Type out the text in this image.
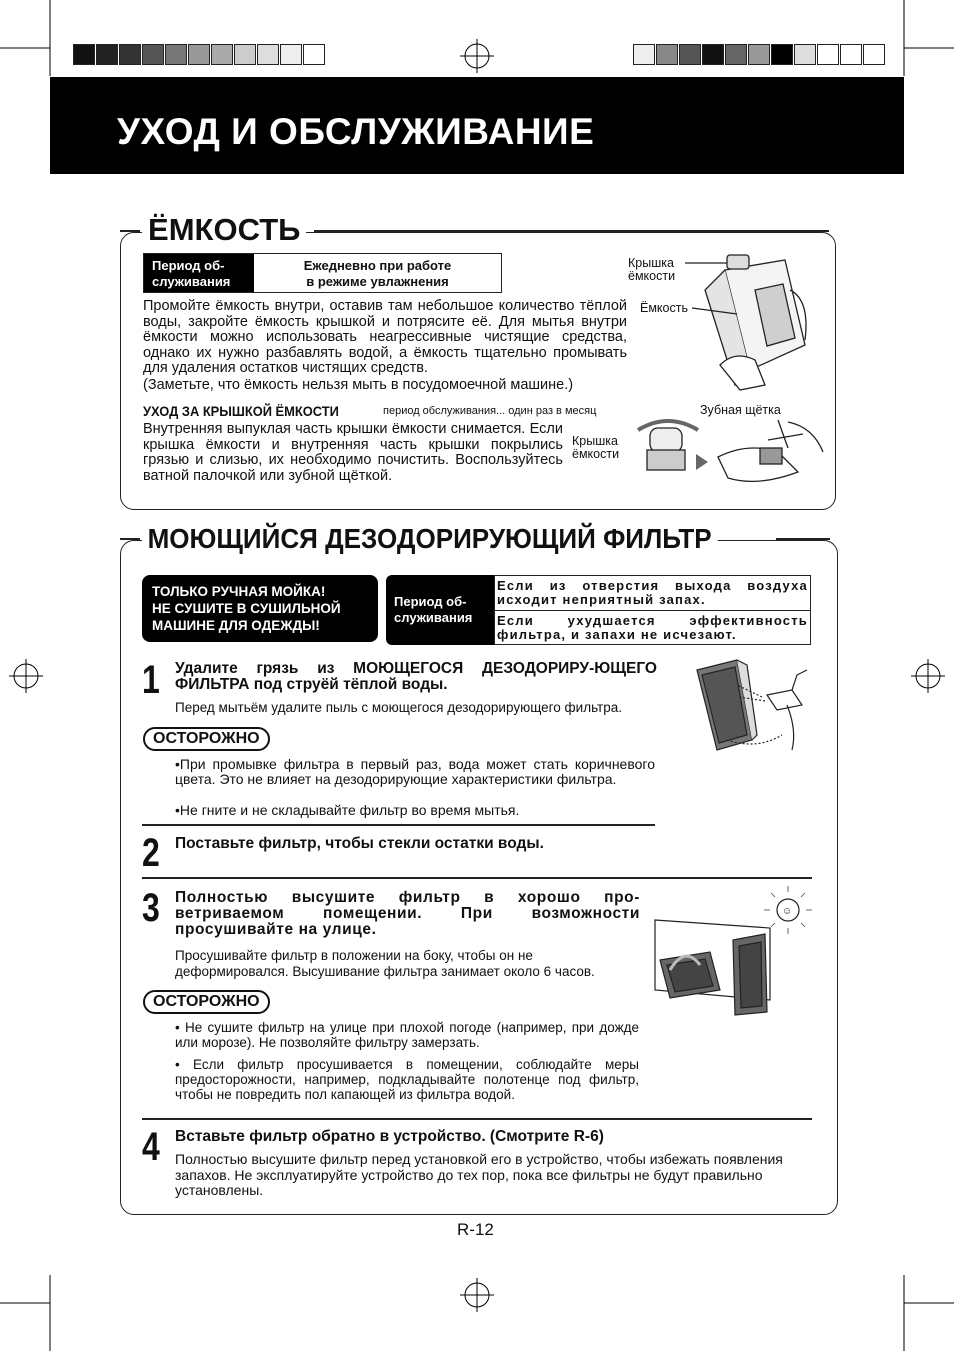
УХОД И ОБСЛУЖИВАНИЕ
ЁМКОСТЬ
Период об-
служивания
Ежедневно при работе
в режиме увлажнения
Промойте ёмкость внутри, оставив там небольшое количество тёплой воды, закройте ёмкость крышкой и потрясите её. Для мытья внутри ёмкости можно использовать неагрессивные чистящие средства, однако их нужно разбавлять водой, а ёмкость тщательно промывать для удаления остатков чистящих средств.
(Заметьте, что ёмкость нельзя мыть в посудомоечной машине.)
УХОД ЗА КРЫШКОЙ ЁМКОСТИ	период обслуживания... один раз в месяц
Внутренняя выпуклая часть крышки ёмкости снимается. Если крышка ёмкости и внутренняя часть крышки покрылись грязью и слизью, их необходимо почистить. Воспользуйтесь ватной палочкой или зубной щёткой.
Крышка
ёмкости
Ёмкость
Зубная щётка
Крышка
ёмкости
МОЮЩИЙСЯ ДЕЗОДОРИРУЮЩИЙ ФИЛЬТР
ТОЛЬКО РУЧНАЯ МОЙКА!
НЕ СУШИТЕ В СУШИЛЬНОЙ
МАШИНЕ ДЛЯ ОДЕЖДЫ!
Период об-
служивания
Если из отверстия выхода воздуха исходит неприятный запах.
Если ухудшается эффективность фильтра, и запахи не исчезают.
1 Удалите грязь из МОЮЩЕГОСЯ ДЕЗОДОРИРУ-ЮЩЕГО ФИЛЬТРА под струёй тёплой воды.
Перед мытьём удалите пыль с моющегося дезодорирующего фильтра.
ОСТОРОЖНО
•При промывке фильтра в первый раз, вода может стать коричневого цвета. Это не влияет на дезодорирующие характеристики фильтра.
•Не гните и не складывайте фильтр во время мытья.
2 Поставьте фильтр, чтобы стекли остатки воды.
3 Полностью высушите фильтр в хорошо про-ветриваемом помещении. При возможности просушивайте на улице.
Просушивайте фильтр в положении на боку, чтобы он не деформировался. Высушивание фильтра занимает около 6 часов.
ОСТОРОЖНО
• Не сушите фильтр на улице при плохой погоде (например, при дожде или морозе). Не позволяйте фильтру замерзать.
• Если фильтр просушивается в помещении, соблюдайте меры предосторожности, например, подкладывайте полотенце под фильтр, чтобы не повредить пол капающей из фильтра водой.
☺
4 Вставьте фильтр обратно в устройство. (Смотрите R-6)
Полностью высушите фильтр перед установкой его в устройство, чтобы избежать появления запахов. Не эксплуатируйте устройство до тех пор, пока все фильтры не будут правильно установлены.
R-12
